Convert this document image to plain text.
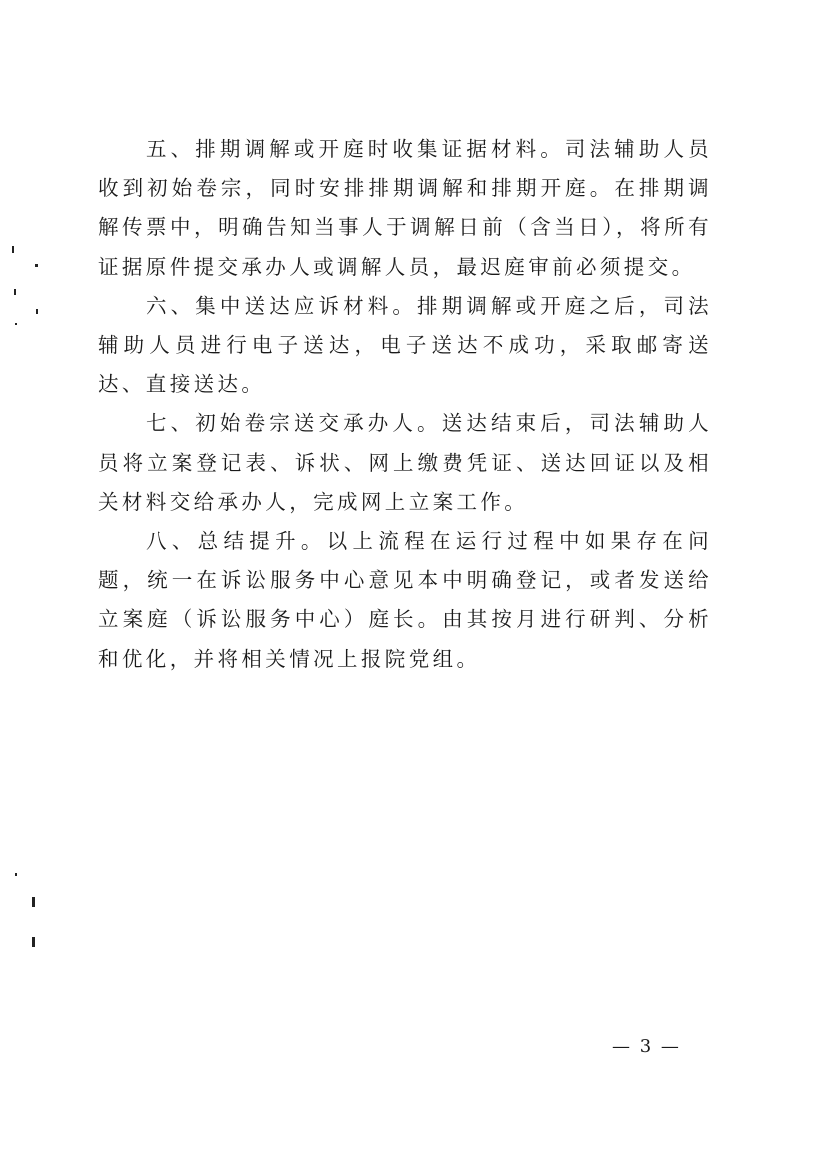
五、排期调解或开庭时收集证据材料。司法辅助人员收到初始卷宗，同时安排排期调解和排期开庭。在排期调解传票中，明确告知当事人于调解日前（含当日），将所有证据原件提交承办人或调解人员，最迟庭审前必须提交。

六、集中送达应诉材料。排期调解或开庭之后，司法辅助人员进行电子送达，电子送达不成功，采取邮寄送达、直接送达。

七、初始卷宗送交承办人。送达结束后，司法辅助人员将立案登记表、诉状、网上缴费凭证、送达回证以及相关材料交给承办人，完成网上立案工作。

八、总结提升。以上流程在运行过程中如果存在问题，统一在诉讼服务中心意见本中明确登记，或者发送给立案庭（诉讼服务中心）庭长。由其按月进行研判、分析和优化，并将相关情况上报院党组。

— 3 —
